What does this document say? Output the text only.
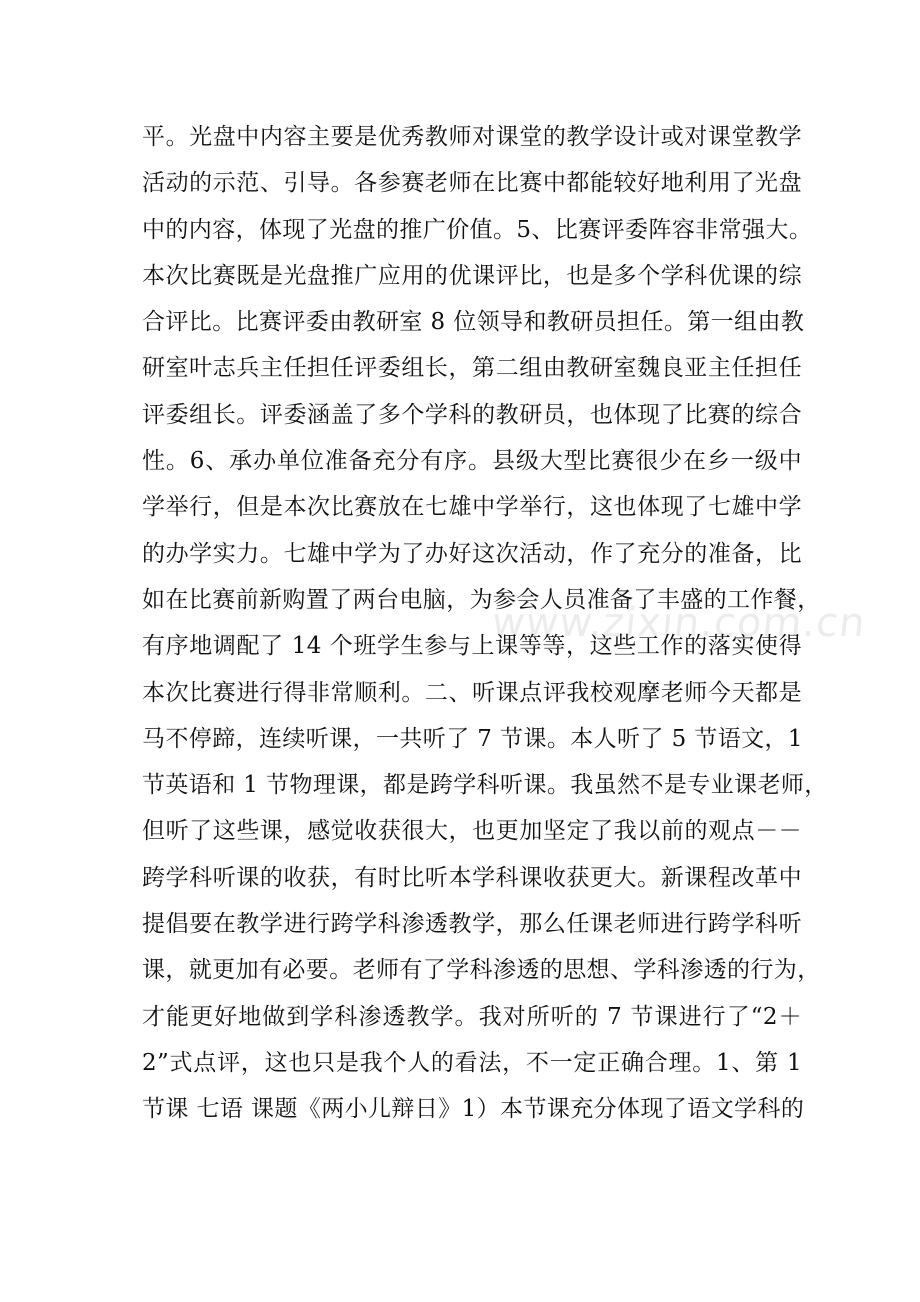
平。光盘中内容主要是优秀教师对课堂的教学设计或对课堂教学
活动的示范、引导。各参赛老师在比赛中都能较好地利用了光盘
中的内容，体现了光盘的推广价值。5、比赛评委阵容非常强大。
本次比赛既是光盘推广应用的优课评比，也是多个学科优课的综
合评比。比赛评委由教研室 8 位领导和教研员担任。第一组由教
研室叶志兵主任担任评委组长，第二组由教研室魏良亚主任担任
评委组长。评委涵盖了多个学科的教研员，也体现了比赛的综合
性。6、承办单位准备充分有序。县级大型比赛很少在乡一级中
学举行，但是本次比赛放在七雄中学举行，这也体现了七雄中学
的办学实力。七雄中学为了办好这次活动，作了充分的准备，比
如在比赛前新购置了两台电脑，为参会人员准备了丰盛的工作餐，
有序地调配了 14 个班学生参与上课等等，这些工作的落实使得
本次比赛进行得非常顺利。二、听课点评我校观摩老师今天都是
马不停蹄，连续听课，一共听了 7 节课。本人听了 5 节语文，1
节英语和 1 节物理课，都是跨学科听课。我虽然不是专业课老师，
但听了这些课，感觉收获很大，也更加坚定了我以前的观点－－
跨学科听课的收获，有时比听本学科课收获更大。新课程改革中
提倡要在教学进行跨学科渗透教学，那么任课老师进行跨学科听
课，就更加有必要。老师有了学科渗透的思想、学科渗透的行为，
才能更好地做到学科渗透教学。我对所听的 7 节课进行了“2＋
2”式点评，这也只是我个人的看法，不一定正确合理。1、第 1
节课 七语 课题《两小儿辩日》1）本节课充分体现了语文学科的
www.zixin.com.cn
